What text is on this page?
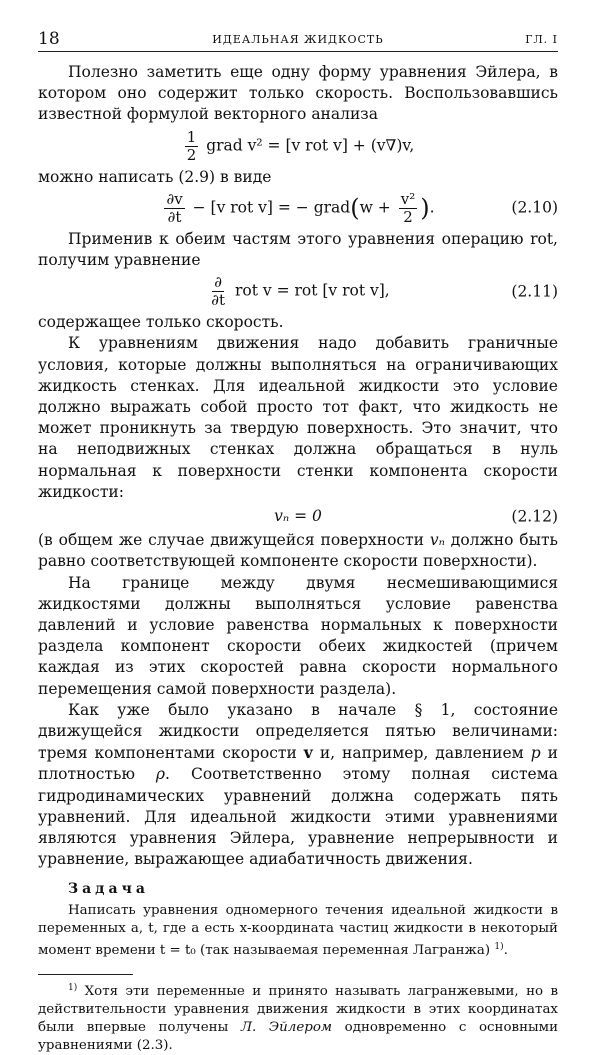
18	ИДЕАЛЬНАЯ ЖИДКОСТЬ	ГЛ. I

Полезно заметить еще одну форму уравнения Эйлера, в котором оно содержит только скорость. Воспользовавшись известной формулой векторного анализа

$\frac{1}{2}$ grad v² = [v rot v] + (v∇)v,

можно написать (2.9) в виде

$\frac{\partial v}{\partial t} - [v$ rot v] = − grad(w + $\frac{\text{v²}}{2}$ ).	(2.10)

Применив к обеим частям этого уравнения операцию rot, получим уравнение

$\frac{\partial}{\partial t}$ rot v = rot [v rot v],	(2.11)

содержащее только скорость.

К уравнениям движения надо добавить граничные условия, которые должны выполняться на ограничивающих жидкость стенках. Для идеальной жидкости это условие должно выражать собой просто тот факт, что жидкость не может проникнуть за твердую поверхность. Это значит, что на неподвижных стенках должна обращаться в нуль нормальная к поверхности стенки компонента скорости жидкости:

vₙ = 0	(2.12)

(в общем же случае движущейся поверхности vₙ должно быть равно соответствующей компоненте скорости поверхности).

На границе между двумя несмешивающимися жидкостями должны выполняться условие равенства давлений и условие равенства нормальных к поверхности раздела компонент скорости обеих жидкостей (причем каждая из этих скоростей равна скорости нормального перемещения самой поверхности раздела).

Как уже было указано в начале § 1, состояние движущейся жидкости определяется пятью величинами: тремя компонентами скорости v и, например, давлением p и плотностью ρ. Соответственно этому полная система гидродинамических уравнений должна содержать пять уравнений. Для идеальной жидкости этими уравнениями являются уравнения Эйлера, уравнение непрерывности и уравнение, выражающее адиабатичность движения.

Задача

Написать уравнения одномерного течения идеальной жидкости в переменных a, t, где a есть x-координата частиц жидкости в некоторый момент времени t = t₀ (так называемая переменная Лагранжа) $^{1)}$.

$^{1)}$ Хотя эти переменные и принято называть лагранжевыми, но в действительности уравнения движения жидкости в этих координатах были впервые получены Л. Эйлером одновременно с основными уравнениями (2.3).
